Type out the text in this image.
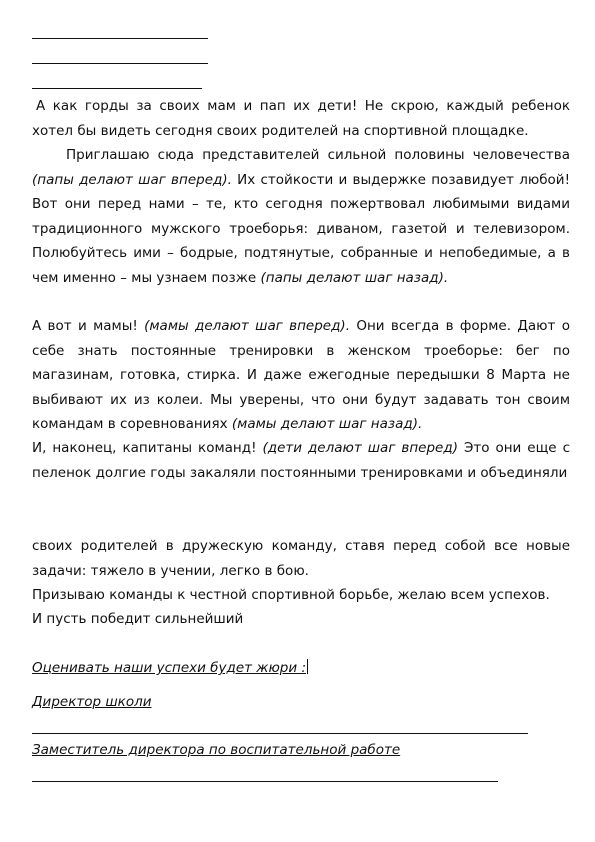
А как горды за своих мам и пап их дети! Не скрою, каждый ребенок хотел бы видеть сегодня своих родителей на спортивной площадке.

Приглашаю сюда представителей сильной половины человечества (папы делают шаг вперед). Их стойкости и выдержке позавидует любой! Вот они перед нами – те, кто сегодня пожертвовал любимыми видами традиционного мужского троеборья: диваном, газетой и телевизором. Полюбуйтесь ими – бодрые, подтянутые, собранные и непобедимые, а в чем именно – мы узнаем позже (папы делают шаг назад).

А вот и мамы! (мамы делают шаг вперед). Они всегда в форме. Дают о себе знать постоянные тренировки в женском троеборье: бег по магазинам, готовка, стирка. И даже ежегодные передышки 8 Марта не выбивают их из колеи. Мы уверены, что они будут задавать тон своим командам в соревнованиях (мамы делают шаг назад).

И, наконец, капитаны команд! (дети делают шаг вперед) Это они еще с пеленок долгие годы закаляли постоянными тренировками и объединяли

своих родителей в дружескую команду, ставя перед собой все новые задачи: тяжело в учении, легко в бою.

Призываю команды к честной спортивной борьбе, желаю всем успехов.

И пусть победит сильнейший

Оценивать наши успехи будет жюри :

Директор школи

Заместитель директора по воспитательной работе
